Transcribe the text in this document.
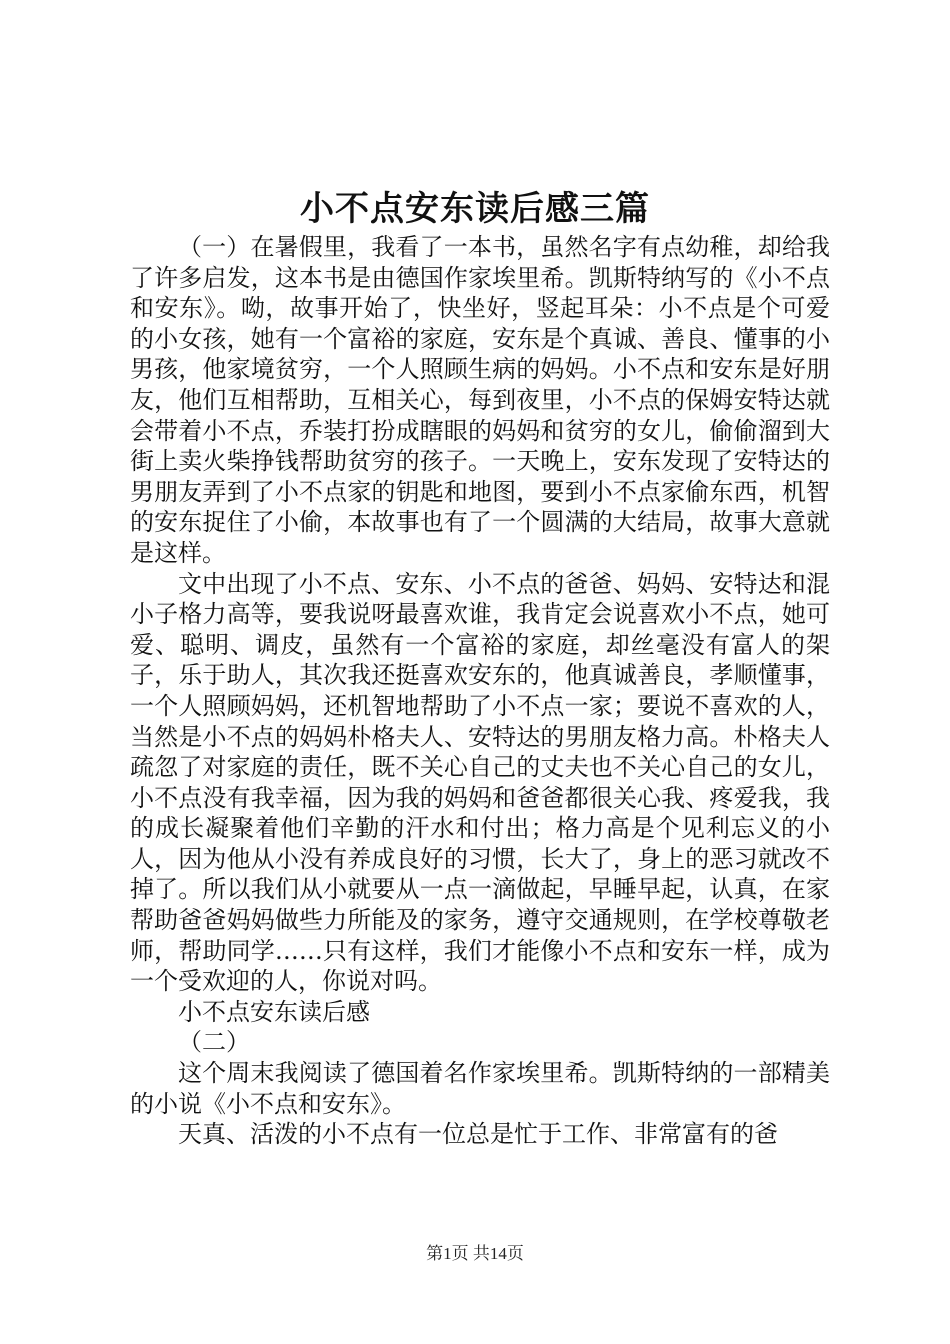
小不点安东读后感三篇

（一）在暑假里，我看了一本书，虽然名字有点幼稚，却给我了许多启发，这本书是由德国作家埃里希。凯斯特纳写的《小不点和安东》。呦，故事开始了，快坐好，竖起耳朵：小不点是个可爱的小女孩，她有一个富裕的家庭，安东是个真诚、善良、懂事的小男孩，他家境贫穷，一个人照顾生病的妈妈。小不点和安东是好朋友，他们互相帮助，互相关心，每到夜里，小不点的保姆安特达就会带着小不点，乔装打扮成瞎眼的妈妈和贫穷的女儿，偷偷溜到大街上卖火柴挣钱帮助贫穷的孩子。一天晚上，安东发现了安特达的男朋友弄到了小不点家的钥匙和地图，要到小不点家偷东西，机智的安东捉住了小偷，本故事也有了一个圆满的大结局，故事大意就是这样。

文中出现了小不点、安东、小不点的爸爸、妈妈、安特达和混小子格力高等，要我说呀最喜欢谁，我肯定会说喜欢小不点，她可爱、聪明、调皮，虽然有一个富裕的家庭，却丝毫没有富人的架子，乐于助人，其次我还挺喜欢安东的，他真诚善良，孝顺懂事，一个人照顾妈妈，还机智地帮助了小不点一家；要说不喜欢的人，当然是小不点的妈妈朴格夫人、安特达的男朋友格力高。朴格夫人疏忽了对家庭的责任，既不关心自己的丈夫也不关心自己的女儿，小不点没有我幸福，因为我的妈妈和爸爸都很关心我、疼爱我，我的成长凝聚着他们辛勤的汗水和付出；格力高是个见利忘义的小人，因为他从小没有养成良好的习惯，长大了，身上的恶习就改不掉了。所以我们从小就要从一点一滴做起，早睡早起，认真，在家帮助爸爸妈妈做些力所能及的家务，遵守交通规则，在学校尊敬老师，帮助同学……只有这样，我们才能像小不点和安东一样，成为一个受欢迎的人，你说对吗。

小不点安东读后感

（二）

这个周末我阅读了德国着名作家埃里希。凯斯特纳的一部精美的小说《小不点和安东》。

天真、活泼的小不点有一位总是忙于工作、非常富有的爸

第1页 共14页
